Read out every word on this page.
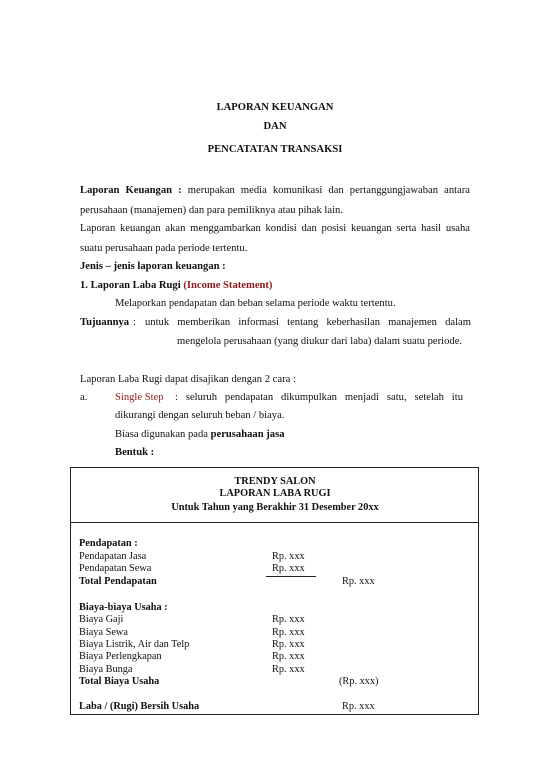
LAPORAN KEUANGAN
DAN
PENCATATAN TRANSAKSI
Laporan Keuangan : merupakan media komunikasi dan pertanggungjawaban antara
perusahaan (manajemen) dan para pemiliknya atau pihak lain.
Laporan keuangan akan menggambarkan kondisi dan posisi keuangan serta hasil usaha
suatu perusahaan pada periode tertentu.
Jenis – jenis laporan keuangan :
1. Laporan Laba Rugi (Income Statement)
Melaporkan pendapatan dan beban selama periode waktu tertentu.
Tujuannya : untuk memberikan informasi tentang keberhasilan manajemen dalam
mengelola perusahaan (yang diukur dari laba) dalam suatu periode.
Laporan Laba Rugi dapat disajikan dengan 2 cara :
a.	Single Step : seluruh pendapatan dikumpulkan menjadi satu, setelah itu
dikurangi dengan seluruh beban / biaya.
Biasa digunakan pada perusahaan jasa
Bentuk :
TRENDY SALON
LAPORAN LABA RUGI
Untuk Tahun yang Berakhir 31 Desember 20xx
Pendapatan :
Pendapatan Jasa	Rp. xxx
Pendapatan Sewa	Rp. xxx
Total Pendapatan	Rp. xxx
Biaya-biaya Usaha :
Biaya Gaji	Rp. xxx
Biaya Sewa	Rp. xxx
Biaya Listrik, Air dan Telp	Rp. xxx
Biaya Perlengkapan	Rp. xxx
Biaya Bunga	Rp. xxx
Total Biaya Usaha	(Rp. xxx)
Laba / (Rugi) Bersih Usaha	Rp. xxx
